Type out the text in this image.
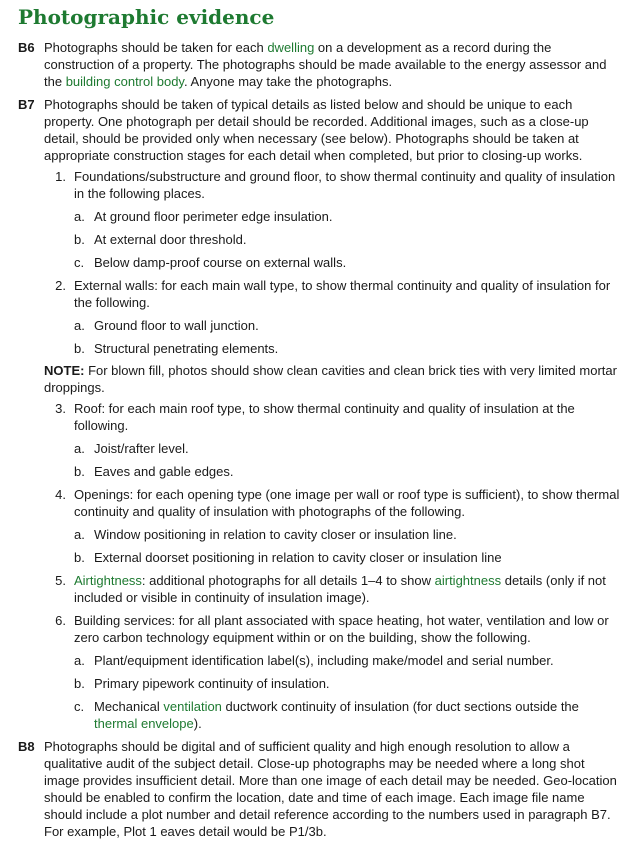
Photographic evidence
B6 Photographs should be taken for each dwelling on a development as a record during the construction of a property. The photographs should be made available to the energy assessor and the building control body. Anyone may take the photographs.

B7 Photographs should be taken of typical details as listed below and should be unique to each property. One photograph per detail should be recorded. Additional images, such as a close-up detail, should be provided only when necessary (see below). Photographs should be taken at appropriate construction stages for each detail when completed, but prior to closing-up works.

1. Foundations/substructure and ground floor, to show thermal continuity and quality of insulation in the following places.
a. At ground floor perimeter edge insulation.
b. At external door threshold.
c. Below damp-proof course on external walls.
2. External walls: for each main wall type, to show thermal continuity and quality of insulation for the following.
a. Ground floor to wall junction.
b. Structural penetrating elements.

NOTE: For blown fill, photos should show clean cavities and clean brick ties with very limited mortar droppings.

3. Roof: for each main roof type, to show thermal continuity and quality of insulation at the following.
a. Joist/rafter level.
b. Eaves and gable edges.
4. Openings: for each opening type (one image per wall or roof type is sufficient), to show thermal continuity and quality of insulation with photographs of the following.
a. Window positioning in relation to cavity closer or insulation line.
b. External doorset positioning in relation to cavity closer or insulation line
5. Airtightness: additional photographs for all details 1–4 to show airtightness details (only if not included or visible in continuity of insulation image).
6. Building services: for all plant associated with space heating, hot water, ventilation and low or zero carbon technology equipment within or on the building, show the following.
a. Plant/equipment identification label(s), including make/model and serial number.
b. Primary pipework continuity of insulation.
c. Mechanical ventilation ductwork continuity of insulation (for duct sections outside the thermal envelope).
B8 Photographs should be digital and of sufficient quality and high enough resolution to allow a qualitative audit of the subject detail. Close-up photographs may be needed where a long shot image provides insufficient detail. More than one image of each detail may be needed. Geo-location should be enabled to confirm the location, date and time of each image. Each image file name should include a plot number and detail reference according to the numbers used in paragraph B7. For example, Plot 1 eaves detail would be P1/3b.
